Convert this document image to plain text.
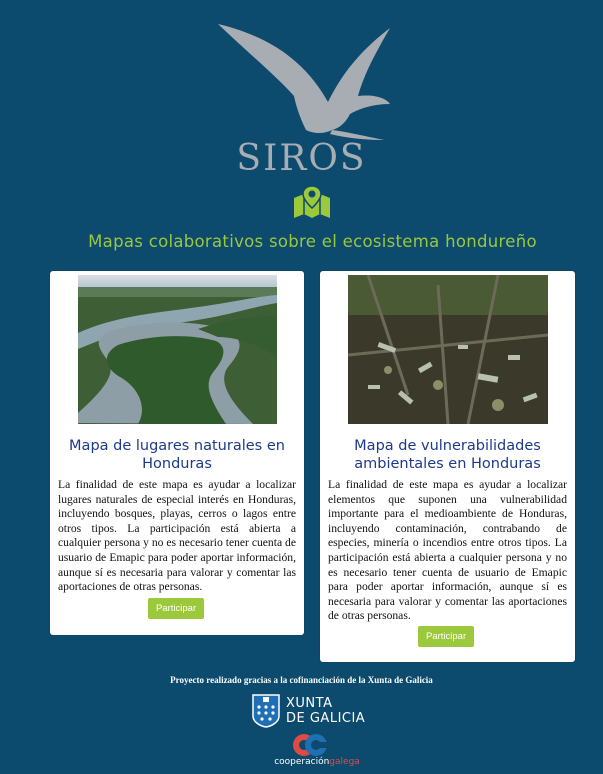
SIROS
Mapas colaborativos sobre el ecosistema hondureño
Mapa de lugares naturales en Honduras
La finalidad de este mapa es ayudar a localizar lugares naturales de especial interés en Honduras, incluyendo bosques, playas, cerros o lagos entre otros tipos. La participación está abierta a cualquier persona y no es necesario tener cuenta de usuario de Emapic para poder aportar información, aunque sí es necesaria para valorar y comentar las aportaciones de otras personas.
Participar
Mapa de vulnerabilidades ambientales en Honduras
La finalidad de este mapa es ayudar a localizar elementos que suponen una vulnerabilidad importante para el medioambiente de Honduras, incluyendo contaminación, contrabando de especies, minería o incendios entre otros tipos. La participación está abierta a cualquier persona y no es necesario tener cuenta de usuario de Emapic para poder aportar información, aunque sí es necesaria para valorar y comentar las aportaciones de otras personas.
Participar
Proyecto realizado gracias a la cofinanciación de la Xunta de Galicia
XUNTA
DE GALICIA
cooperacióngalega
